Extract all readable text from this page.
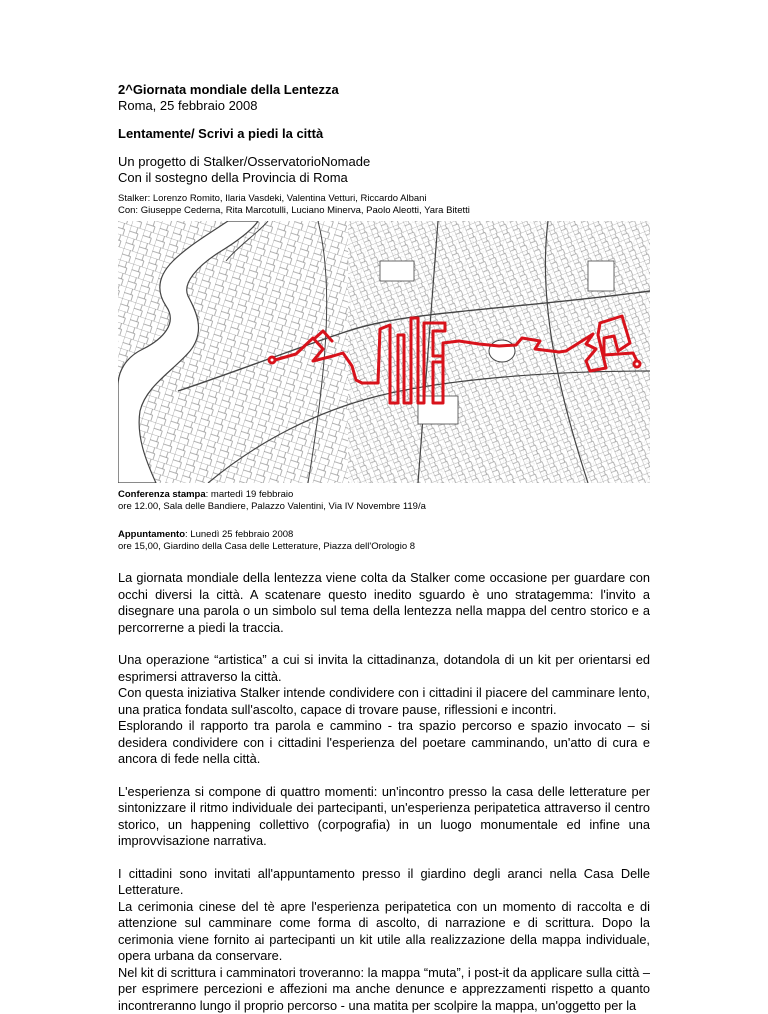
2^Giornata mondiale della Lentezza
Roma, 25 febbraio 2008
Lentamente/ Scrivi a piedi la città
Un progetto di Stalker/OsservatorioNomade
Con il sostegno della Provincia di Roma
Stalker: Lorenzo Romito, Ilaria Vasdeki, Valentina Vetturi, Riccardo Albani
Con: Giuseppe Cederna, Rita Marcotulli, Luciano Minerva, Paolo Aleotti, Yara Bitetti
Conferenza stampa: martedì 19 febbraio
ore 12.00, Sala delle Bandiere, Palazzo Valentini, Via IV Novembre 119/a
Appuntamento: Lunedì 25 febbraio 2008
ore 15,00, Giardino della Casa delle Letterature, Piazza dell'Orologio 8

La giornata mondiale della lentezza viene colta da Stalker come occasione per guardare con occhi diversi la città. A scatenare questo inedito sguardo è uno stratagemma: l'invito a disegnare una parola o un simbolo sul tema della lentezza nella mappa del centro storico e a percorrerne a piedi la traccia.

Una operazione “artistica” a cui si invita la cittadinanza, dotandola di un kit per orientarsi ed esprimersi attraverso la città.

Con questa iniziativa Stalker intende condividere con i cittadini il piacere del camminare lento, una pratica fondata sull'ascolto, capace di trovare pause, riflessioni e incontri.

Esplorando il rapporto tra parola e cammino - tra spazio percorso e spazio invocato – si desidera condividere con i cittadini l'esperienza del poetare camminando, un'atto di cura e ancora di fede nella città.

L'esperienza si compone di quattro momenti: un'incontro presso la casa delle letterature per sintonizzare il ritmo individuale dei partecipanti, un'esperienza peripatetica attraverso il centro storico, un happening collettivo (corpografia) in un luogo monumentale ed infine una improvvisazione narrativa.

I cittadini sono invitati all'appuntamento presso il giardino degli aranci nella Casa Delle Letterature.

La cerimonia cinese del tè apre l'esperienza peripatetica con un momento di raccolta e di attenzione sul camminare come forma di ascolto, di narrazione e di scrittura. Dopo la cerimonia viene fornito ai partecipanti un kit utile alla realizzazione della mappa individuale, opera urbana da conservare.

Nel kit di scrittura i camminatori troveranno: la mappa “muta”, i post-it da applicare sulla città – per esprimere percezioni e affezioni ma anche denunce e apprezzamenti rispetto a quanto incontreranno lungo il proprio percorso - una matita per scolpire la mappa, un'oggetto per la
